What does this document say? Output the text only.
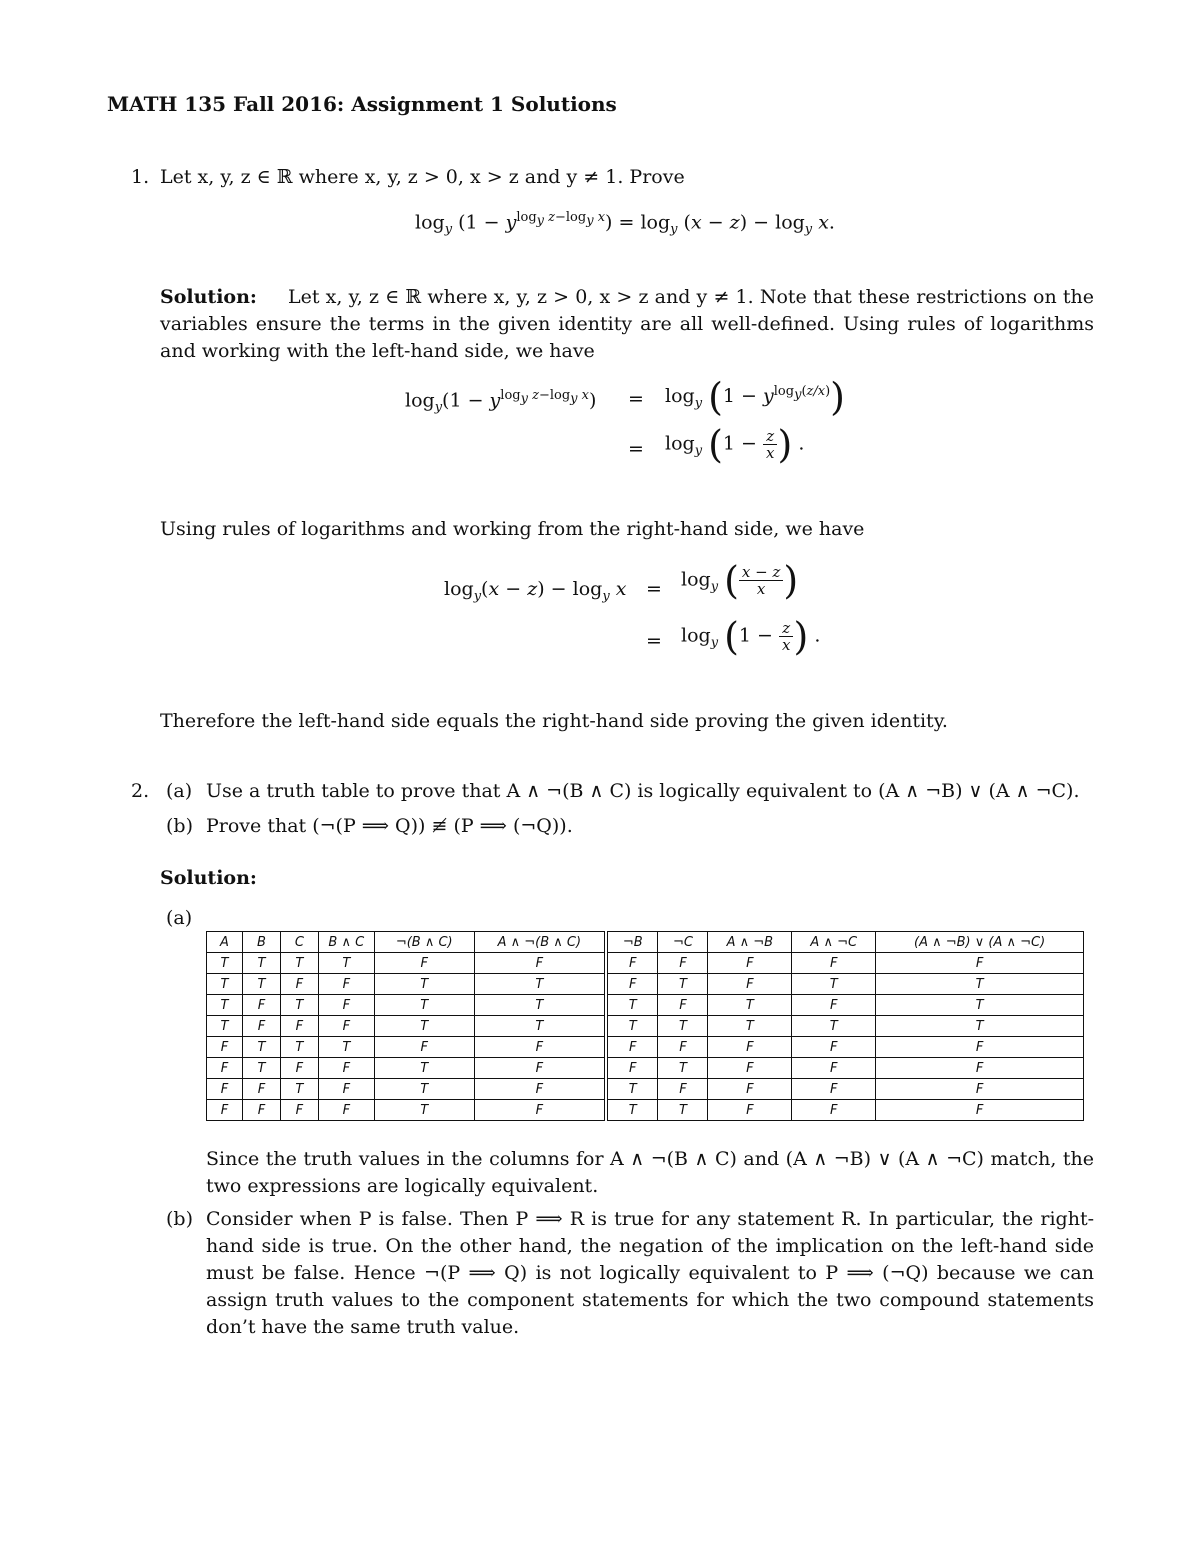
MATH 135 Fall 2016: Assignment 1 Solutions
1. Let x, y, z ∈ ℝ where x, y, z > 0, x > z and y ≠ 1. Prove
$\log_y (1 - y^{log_y z-log_y x}) = \log_y (x - z) - \log_y x$.
Solution:	Let x, y, z ∈ ℝ where x, y, z > 0, x > z and y ≠ 1. Note that these restrictions on the variables ensure the terms in the given identity are all well-defined. Using rules of logarithms and working with the left-hand side, we have
$\log_y(1 - y^{log_y z-log_y x}) = \log_y (1 - y^{log_y(z/x)})$
= $\log_y (1 - \frac{z}{x}$ ) .
Using rules of logarithms and working from the right-hand side, we have
$\log_y(x - z) - \log_y x = \log_y$ ( $\frac{x - z}{x}$ )
= $\log_y (1 - \frac{z}{x}$ ) .
Therefore the left-hand side equals the right-hand side proving the given identity.
2. (a) Use a truth table to prove that A ∧ ¬(B ∧ C) is logically equivalent to (A ∧ ¬B) ∨ (A ∧ ¬C).
(b) Prove that (¬(P ⟹ Q)) ≢ (P ⟹ (¬Q)).
Solution:
(a)
A	B	C	B ∧ C	¬(B ∧ C)	A ∧ ¬(B ∧ C)	¬B	¬C	A ∧ ¬B	A ∧ ¬C	(A ∧ ¬B) ∨ (A ∧ ¬C)
T	T	T	T	F	F	F	F	F	F	F
T	T	F	F	T	T	F	T	F	T	T
T	F	T	F	T	T	T	F	T	F	T
T	F	F	F	T	T	T	T	T	T	T
F	T	T	T	F	F	F	F	F	F	F
F	T	F	F	T	F	F	T	F	F	F
F	F	T	F	T	F	T	F	F	F	F
F	F	F	F	T	F	T	T	F	F	F
Since the truth values in the columns for A ∧ ¬(B ∧ C) and (A ∧ ¬B) ∨ (A ∧ ¬C) match, the two expressions are logically equivalent.
(b) Consider when P is false. Then P ⟹ R is true for any statement R. In particular, the right-hand side is true. On the other hand, the negation of the implication on the left-hand side must be false. Hence ¬(P ⟹ Q) is not logically equivalent to P ⟹ (¬Q) because we can assign truth values to the component statements for which the two compound statements don’t have the same truth value.
